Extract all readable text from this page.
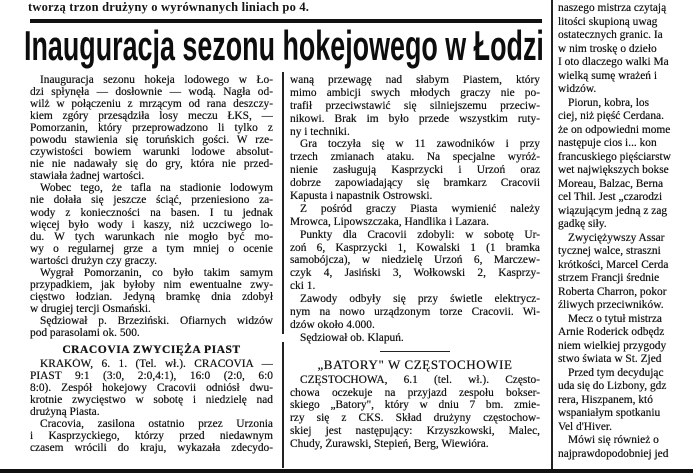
tworzą trzon drużyny o wyrównanych liniach po 4.
Inauguracja sezonu hokejowego w Łodzi
Inauguracja sezonu hokeja lodowego w Ło-
dzi spłynęła — dosłownie — wodą. Nagła od-
wilż w połączeniu z mrzącym od rana deszczy-
kiem zgóry przesądziła losy meczu ŁKS, —
Pomorzanin, który przeprowadzono li tylko z
powodu stawienia się toruńskich gości. W rze-
czywistości bowiem warunki lodowe absolut-
nie nie nadawały się do gry, która nie przed-
stawiała żadnej wartości.
Wobec tego, że tafla na stadionie lodowym
nie dołała się jeszcze ściąć, przeniesiono za-
wody z konieczności na basen. I tu jednak
więcej było wody i kaszy, niż uczciwego lo-
du. W tych warunkach nie mogło być mo-
wy o regularnej grze a tym mniej o ocenie
wartości drużyn czy graczy.
Wygrał Pomorzanin, co było takim samym
przypadkiem, jak byłoby nim ewentualne zwy-
cięstwo łodzian. Jedyną bramkę dnia zdobył
w drugiej tercji Osmański.
Sędziował p. Brzeziński. Ofiarnych widzów
pod parasolami ok. 500.
CRACOVIA ZWYCIĘŻA PIAST
KRAKÓW, 6. 1. (Tel. wł.). CRACOVIA —
PIAST 9:1 (3:0, 2:0,4:1), 16:0 (2:0, 6:0
8:0). Zespół hokejowy Cracovii odniósł dwu-
krotnie zwycięstwo w sobotę i niedzielę nad
drużyną Piasta.
Cracovia, zasilona ostatnio przez Urzonia
i Kasprzyckiego, którzy przed niedawnym
czasem wrócili do kraju, wykazała zdecydo-
waną przewagę nad słabym Piastem, który
mimo ambicji swych młodych graczy nie po-
trafił przeciwstawić się silniejszemu przeciw-
nikowi. Brak im było przede wszystkim ruty-
ny i techniki.
Gra toczyła się w 11 zawodników i przy
trzech zmianach ataku. Na specjalne wyróż-
nienie zasługują Kasprzycki i Urzoń oraz
dobrze zapowiadający się bramkarz Cracovii
Kapusta i napastnik Ostrowski.
Z pośród graczy Piasta wymienić należy
Mrowca, Lipowszczaka, Handlika i Lazara.
Punkty dla Cracovii zdobyli: w sobotę Ur-
zoń 6, Kasprzycki 1, Kowalski 1 (1 bramka
samobójcza), w niedzielę Urzoń 6, Marczew-
czyk 4, Jasiński 3, Wołkowski 2, Kasprzy-
cki 1.
Zawody odbyły się przy świetle elektrycz-
nym na nowo urządzonym torze Cracovii. Wi-
dzów około 4.000.
Sędziował ob. Klapuń.
„BATORY" W CZĘSTOCHOWIE
CZĘSTOCHOWA, 6.1 (tel. wł.). Często-
chowa oczekuje na przyjazd zespołu bokser-
skiego „Batory", który w dniu 7 bm. zmie-
rzy się z CKS. Skład drużyny częstochow-
skiej jest następujący: Krzyszkowski, Malec,
Chudy, Żurawski, Stepień, Berg, Wiewióra.
naszego mistrza czytają
litości skupioną uwag
ostatecznych granic. Ia
w nim troskę o dzieło
I oto dlaczego walki Ma
wielką sumę wrażeń i
widzów.
Piorun, kobra, los
ciej, niż pięść Cerdana.
że on odpowiedni mome
następuje cios i... kon
francuskiego pięściarstw
wet największych bokse
Moreau, Balzac, Berna
cel Thil. Jest „czarodzi
wiązującym jedną z zag
gadkę siły.
Zwyciężywszy Assar
tycznej walce, straszni
krótkości, Marcel Cerda
strzem Francji średnie
Roberta Charron, pokor
źliwych przeciwników.
Mecz o tytuł mistrza
Arnie Roderick odbędz
niem wielkiej przygody
stwo świata w St. Zjed
Przed tym decydując
uda się do Lizbony, gdz
rera, Hiszpanem, któ
wspaniałym spotkaniu
Vel d'Hiver.
Mówi się również o
najprawdopodobniej jed
